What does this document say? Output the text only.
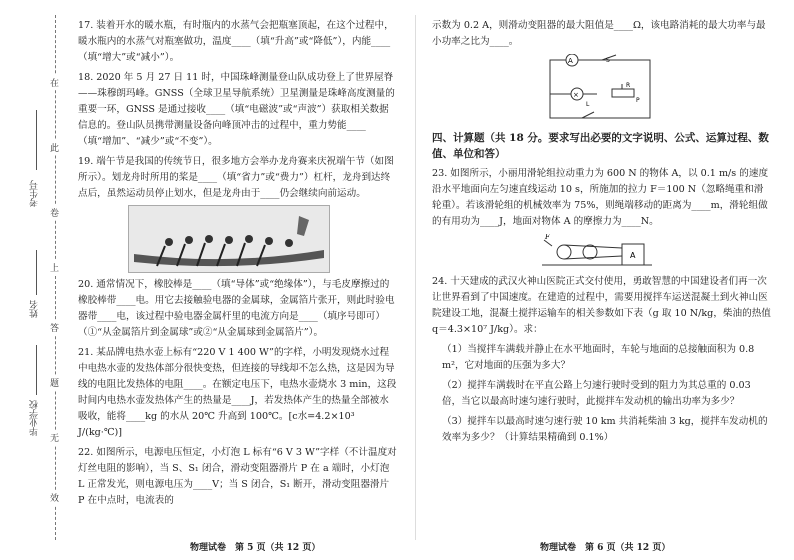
在
此
卷
上
答
题
无
效
考生号
姓名
毕业学校
17. 装着开水的暖水瓶，有时瓶内的水蒸气会把瓶塞顶起，在这个过程中，暖水瓶内的水蒸气对瓶塞做功，温度____（填“升高”或“降低”），内能____（填“增大”或“减小”）。
18. 2020 年 5 月 27 日 11 时，中国珠峰测量登山队成功登上了世界屋脊——珠穆朗玛峰。GNSS（全球卫星导航系统）卫星测量是珠峰高度测量的重要一环，GNSS 是通过接收____（填“电磁波”或“声波”）获取相关数据信息的。登山队员携带测量设备向峰顶冲击的过程中，重力势能____（填“增加”、“减少”或“不变”）。
19. 端午节是我国的传统节日，很多地方会举办龙舟赛来庆祝端午节（如图所示）。划龙舟时所用的桨是____（填“省力”或“费力”）杠杆，龙舟到达终点后，虽然运动员停止划水，但是龙舟由于____仍会继续向前运动。
20. 通常情况下，橡胶棒是____（填“导体”或“绝缘体”），与毛皮摩擦过的橡胶棒带____电。用它去接触验电器的金属球，金属箔片张开，则此时验电器带____电，该过程中验电器金属杆里的电流方向是____（填序号即可）（①“从金属箔片到金属球”或②“从金属球到金属箔片”）。
21. 某品牌电热水壶上标有“220 V 1 400 W”的字样，小明发现烧水过程中电热水壶的发热体部分很快变热，但连接的导线却不怎么热，这是因为导线的电阻比发热体的电阻____。在额定电压下，电热水壶烧水 3 min，这段时间内电热水壶发热体产生的热量是____J，若发热体产生的热量全部被水吸收，能将____kg 的水从 20℃ 升高到 100℃。[c水=4.2×10³ J/(kg·℃)]
22. 如图所示，电源电压恒定，小灯泡 L 标有“6 V 3 W”字样（不计温度对灯丝电阻的影响），当 S、S₁ 闭合，滑动变阻器滑片 P 在 a 端时，小灯泡 L 正常发光，则电源电压为____V；当 S 闭合，S₁ 断开，滑动变阻器滑片 P 在中点时，电流表的
物理试卷　第 5 页（共 12 页）
示数为 0.2 A，则滑动变阻器的最大阻值是____Ω，该电路消耗的最大功率与最小功率之比为____。
A
×
S
R
P
L
四、计算题（共 18 分。要求写出必要的文字说明、公式、运算过程、数值、单位和答）
23. 如图所示，小丽用滑轮组拉动重力为 600 N 的物体 A，以 0.1 m/s 的速度沿水平地面向左匀速直线运动 10 s，所施加的拉力 F＝100 N（忽略绳重和滑轮重）。若该滑轮组的机械效率为 75%，则绳端移动的距离为____m，滑轮组做的有用功为____J，地面对物体 A 的摩擦力为____N。
F
A
24. 十天建成的武汉火神山医院正式交付使用，勇敢智慧的中国建设者们再一次让世界看到了中国速度。在建造的过程中，需要用搅拌车运送混凝土到火神山医院建设工地，混凝土搅拌运输车的相关参数如下表（g 取 10 N/kg，柴油的热值 q＝4.3×10⁷ J/kg）。求：
（1）当搅拌车满载并静止在水平地面时，车轮与地面的总接触面积为 0.8 m²，它对地面的压强为多大？
（2）搅拌车满载时在平直公路上匀速行驶时受到的阻力为其总重的 0.03 倍，当它以最高时速匀速行驶时，此搅拌车发动机的输出功率为多少？
（3）搅拌车以最高时速匀速行驶 10 km 共消耗柴油 3 kg，搅拌车发动机的效率为多少？（计算结果精确到 0.1%）
物理试卷　第 6 页（共 12 页）
